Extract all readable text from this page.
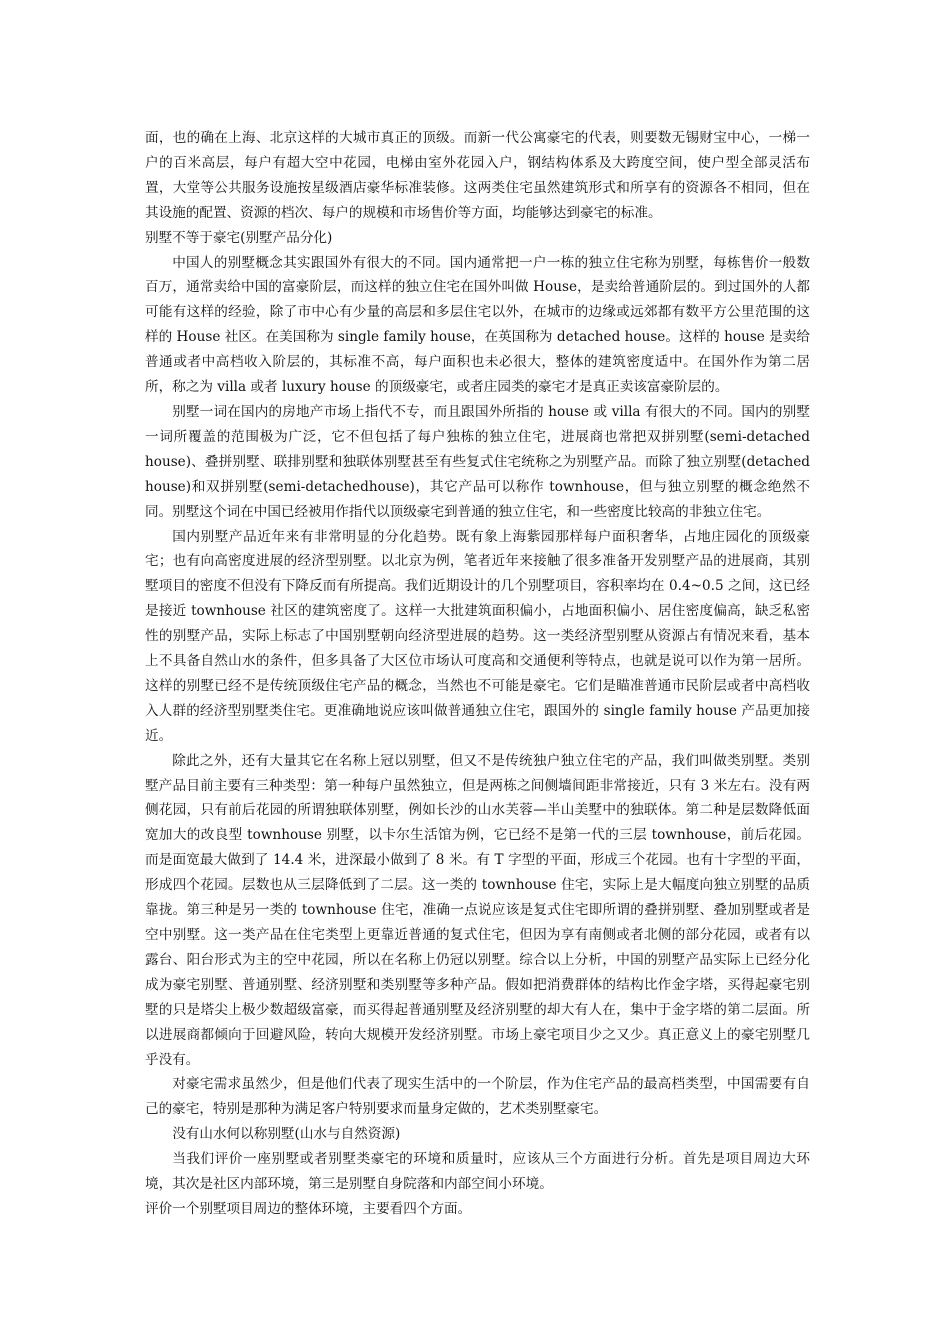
面，也的确在上海、北京这样的大城市真正的顶级。而新一代公寓豪宅的代表，则要数无锡财宝中心，一梯一户的百米高层，每户有超大空中花园，电梯由室外花园入户，钢结构体系及大跨度空间，使户型全部灵活布置，大堂等公共服务设施按星级酒店豪华标准装修。这两类住宅虽然建筑形式和所享有的资源各不相同，但在其设施的配置、资源的档次、每户的规模和市场售价等方面，均能够达到豪宅的标准。

别墅不等于豪宅(别墅产品分化)

中国人的别墅概念其实跟国外有很大的不同。国内通常把一户一栋的独立住宅称为别墅，每栋售价一般数百万，通常卖给中国的富豪阶层，而这样的独立住宅在国外叫做 House，是卖给普通阶层的。到过国外的人都可能有这样的经验，除了市中心有少量的高层和多层住宅以外，在城市的边缘或远郊都有数平方公里范围的这样的 House 社区。在美国称为 single family house，在英国称为 detached house。这样的 house 是卖给普通或者中高档收入阶层的，其标准不高，每户面积也未必很大，整体的建筑密度适中。在国外作为第二居所，称之为 villa 或者 luxury house 的顶级豪宅，或者庄园类的豪宅才是真正卖该富豪阶层的。

别墅一词在国内的房地产市场上指代不专，而且跟国外所指的 house 或 villa 有很大的不同。国内的别墅一词所覆盖的范围极为广泛，它不但包括了每户独栋的独立住宅，进展商也常把双拼别墅(semi-detached house)、叠拼别墅、联排别墅和独联体别墅甚至有些复式住宅统称之为别墅产品。而除了独立别墅(detached house)和双拼别墅(semi-detachedhouse)，其它产品可以称作 townhouse，但与独立别墅的概念绝然不同。别墅这个词在中国已经被用作指代以顶级豪宅到普通的独立住宅，和一些密度比较高的非独立住宅。

国内别墅产品近年来有非常明显的分化趋势。既有象上海紫园那样每户面积奢华，占地庄园化的顶级豪宅；也有向高密度进展的经济型别墅。以北京为例，笔者近年来接触了很多准备开发别墅产品的进展商，其别墅项目的密度不但没有下降反而有所提高。我们近期设计的几个别墅项目，容积率均在 0.4~0.5 之间，这已经是接近 townhouse 社区的建筑密度了。这样一大批建筑面积偏小，占地面积偏小、居住密度偏高，缺乏私密性的别墅产品，实际上标志了中国别墅朝向经济型进展的趋势。这一类经济型别墅从资源占有情况来看，基本上不具备自然山水的条件，但多具备了大区位市场认可度高和交通便利等特点，也就是说可以作为第一居所。这样的别墅已经不是传统顶级住宅产品的概念，当然也不可能是豪宅。它们是瞄准普通市民阶层或者中高档收入人群的经济型别墅类住宅。更准确地说应该叫做普通独立住宅，跟国外的 single family house 产品更加接近。

除此之外，还有大量其它在名称上冠以别墅，但又不是传统独户独立住宅的产品，我们叫做类别墅。类别墅产品目前主要有三种类型：第一种每户虽然独立，但是两栋之间侧墙间距非常接近，只有 3 米左右。没有两侧花园，只有前后花园的所谓独联体别墅，例如长沙的山水芙蓉—半山美墅中的独联体。第二种是层数降低面宽加大的改良型 townhouse 别墅，以卡尔生活馆为例，它已经不是第一代的三层 townhouse，前后花园。而是面宽最大做到了 14.4 米，进深最小做到了 8 米。有 T 字型的平面，形成三个花园。也有十字型的平面，形成四个花园。层数也从三层降低到了二层。这一类的 townhouse 住宅，实际上是大幅度向独立别墅的品质靠拢。第三种是另一类的 townhouse 住宅，准确一点说应该是复式住宅即所谓的叠拼别墅、叠加别墅或者是空中别墅。这一类产品在住宅类型上更靠近普通的复式住宅，但因为享有南侧或者北侧的部分花园，或者有以露台、阳台形式为主的空中花园，所以在名称上仍冠以别墅。综合以上分析，中国的别墅产品实际上已经分化成为豪宅别墅、普通别墅、经济别墅和类别墅等多种产品。假如把消费群体的结构比作金字塔，买得起豪宅别墅的只是塔尖上极少数超级富豪，而买得起普通别墅及经济别墅的却大有人在，集中于金字塔的第二层面。所以进展商都倾向于回避风险，转向大规模开发经济别墅。市场上豪宅项目少之又少。真正意义上的豪宅别墅几乎没有。

对豪宅需求虽然少，但是他们代表了现实生活中的一个阶层，作为住宅产品的最高档类型，中国需要有自己的豪宅，特别是那种为满足客户特别要求而量身定做的，艺术类别墅豪宅。

没有山水何以称别墅(山水与自然资源)

当我们评价一座别墅或者别墅类豪宅的环境和质量时，应该从三个方面进行分析。首先是项目周边大环境，其次是社区内部环境，第三是别墅自身院落和内部空间小环境。

评价一个别墅项目周边的整体环境，主要看四个方面。
